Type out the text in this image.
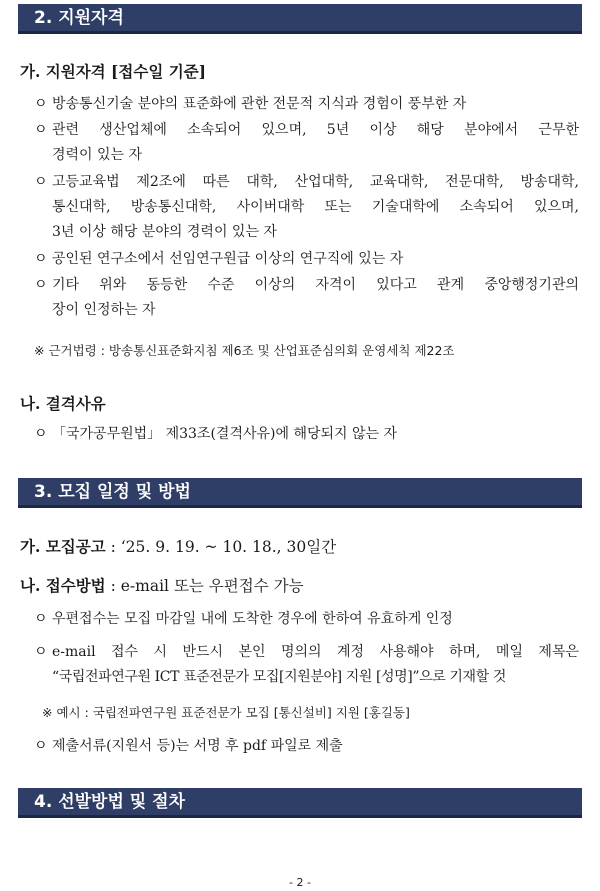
2. 지원자격
가. 지원자격 [접수일 기준]
ㅇ 방송통신기술 분야의 표준화에 관한 전문적 지식과 경험이 풍부한 자
ㅇ 관련 생산업체에 소속되어 있으며, 5년 이상 해당 분야에서 근무한
경력이 있는 자
ㅇ 고등교육법 제2조에 따른 대학, 산업대학, 교육대학, 전문대학, 방송대학,
통신대학, 방송통신대학, 사이버대학 또는 기술대학에 소속되어 있으며,
3년 이상 해당 분야의 경력이 있는 자
ㅇ 공인된 연구소에서 선임연구원급 이상의 연구직에 있는 자
ㅇ 기타 위와 동등한 수준 이상의 자격이 있다고 관계 중앙행정기관의
장이 인정하는 자
※ 근거법령 : 방송통신표준화지침 제6조 및 산업표준심의회 운영세칙 제22조
나. 결격사유
ㅇ 「국가공무원법」 제33조(결격사유)에 해당되지 않는 자
3. 모집 일정 및 방법
가. 모집공고 : ‘25. 9. 19. ~ 10. 18., 30일간
나. 접수방법 : e-mail 또는 우편접수 가능
ㅇ 우편접수는 모집 마감일 내에 도착한 경우에 한하여 유효하게 인정
ㅇ e-mail 접수 시 반드시 본인 명의의 계정 사용해야 하며, 메일 제목은
“국립전파연구원 ICT 표준전문가 모집[지원분야] 지원 [성명]”으로 기재할 것
※ 예시 : 국립전파연구원 표준전문가 모집 [통신설비] 지원 [홍길동]
ㅇ 제출서류(지원서 등)는 서명 후 pdf 파일로 제출
4. 선발방법 및 절차
- 2 -
